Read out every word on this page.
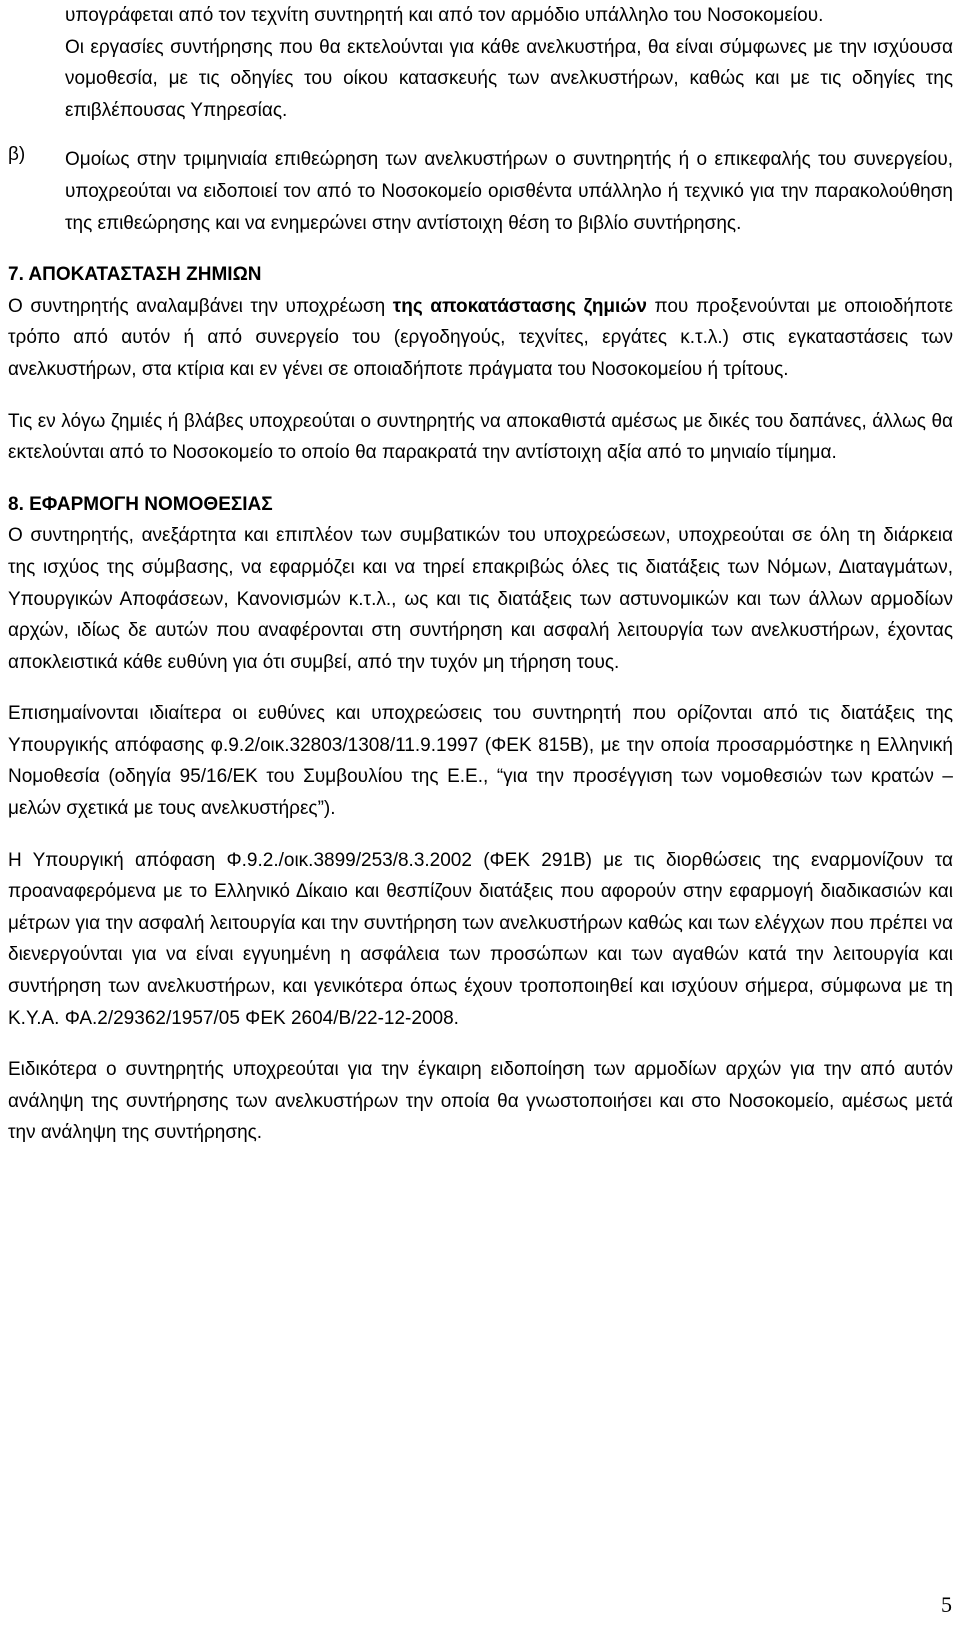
υπογράφεται από τον τεχνίτη συντηρητή και από τον αρμόδιο υπάλληλο του Νοσοκομείου.

Οι εργασίες συντήρησης που θα εκτελούνται για κάθε ανελκυστήρα, θα είναι σύμφωνες με την ισχύουσα νομοθεσία, με τις οδηγίες του οίκου κατασκευής των ανελκυστήρων, καθώς και με τις οδηγίες της επιβλέπουσας Υπηρεσίας.

β) Ομοίως στην τριμηνιαία επιθεώρηση των ανελκυστήρων ο συντηρητής ή ο επικεφαλής του συνεργείου, υποχρεούται να ειδοποιεί τον από το Νοσοκομείο ορισθέντα υπάλληλο ή τεχνικό για την παρακολούθηση της επιθεώρησης και να ενημερώνει στην αντίστοιχη θέση το βιβλίο συντήρησης.

7. ΑΠΟΚΑΤΑΣΤΑΣΗ ΖΗΜΙΩΝ

Ο συντηρητής αναλαμβάνει την υποχρέωση της αποκατάστασης ζημιών που προξενούνται με οποιοδήποτε τρόπο από αυτόν ή από συνεργείο του (εργοδηγούς, τεχνίτες, εργάτες κ.τ.λ.) στις εγκαταστάσεις των ανελκυστήρων, στα κτίρια και εν γένει σε οποιαδήποτε πράγματα του Νοσοκομείου ή τρίτους.

Τις εν λόγω ζημιές ή βλάβες υποχρεούται ο συντηρητής να αποκαθιστά αμέσως με δικές του δαπάνες, άλλως θα εκτελούνται από το Νοσοκομείο το οποίο θα παρακρατά την αντίστοιχη αξία από το μηνιαίο τίμημα.

8. ΕΦΑΡΜΟΓΗ ΝΟΜΟΘΕΣΙΑΣ

Ο συντηρητής, ανεξάρτητα και επιπλέον των συμβατικών του υποχρεώσεων, υποχρεούται σε όλη τη διάρκεια της ισχύος της σύμβασης, να εφαρμόζει και να τηρεί επακριβώς όλες τις διατάξεις των Νόμων, Διαταγμάτων, Υπουργικών Αποφάσεων, Κανονισμών κ.τ.λ., ως και τις διατάξεις των αστυνομικών και των άλλων αρμοδίων αρχών, ιδίως δε αυτών που αναφέρονται στη συντήρηση και ασφαλή λειτουργία των ανελκυστήρων, έχοντας αποκλειστικά κάθε ευθύνη για ότι συμβεί, από την τυχόν μη τήρηση τους.

Επισημαίνονται ιδιαίτερα οι ευθύνες και υποχρεώσεις του συντηρητή που ορίζονται από τις διατάξεις της Υπουργικής απόφασης φ.9.2/οικ.32803/1308/11.9.1997 (ΦΕΚ 815Β), με την οποία προσαρμόστηκε η Ελληνική Νομοθεσία (οδηγία 95/16/ΕΚ του Συμβουλίου της Ε.Ε., “για την προσέγγιση των νομοθεσιών των κρατών – μελών σχετικά με τους ανελκυστήρες”).

Η Υπουργική απόφαση Φ.9.2./οικ.3899/253/8.3.2002 (ΦΕΚ 291Β) με τις διορθώσεις της εναρμονίζουν τα προαναφερόμενα με το Ελληνικό Δίκαιο και θεσπίζουν διατάξεις που αφορούν στην εφαρμογή διαδικασιών και μέτρων για την ασφαλή λειτουργία και την συντήρηση των ανελκυστήρων καθώς και των ελέγχων που πρέπει να διενεργούνται για να είναι εγγυημένη η ασφάλεια των προσώπων και των αγαθών κατά την λειτουργία και συντήρηση των ανελκυστήρων, και γενικότερα όπως έχουν τροποποιηθεί και ισχύουν σήμερα, σύμφωνα με τη Κ.Υ.Α. ΦΑ.2/29362/1957/05 ΦΕΚ 2604/Β/22-12-2008.

Ειδικότερα ο συντηρητής υποχρεούται για την έγκαιρη ειδοποίηση των αρμοδίων αρχών για την από αυτόν ανάληψη της συντήρησης των ανελκυστήρων την οποία θα γνωστοποιήσει και στο Νοσοκομείο, αμέσως μετά την ανάληψη της συντήρησης.

5
